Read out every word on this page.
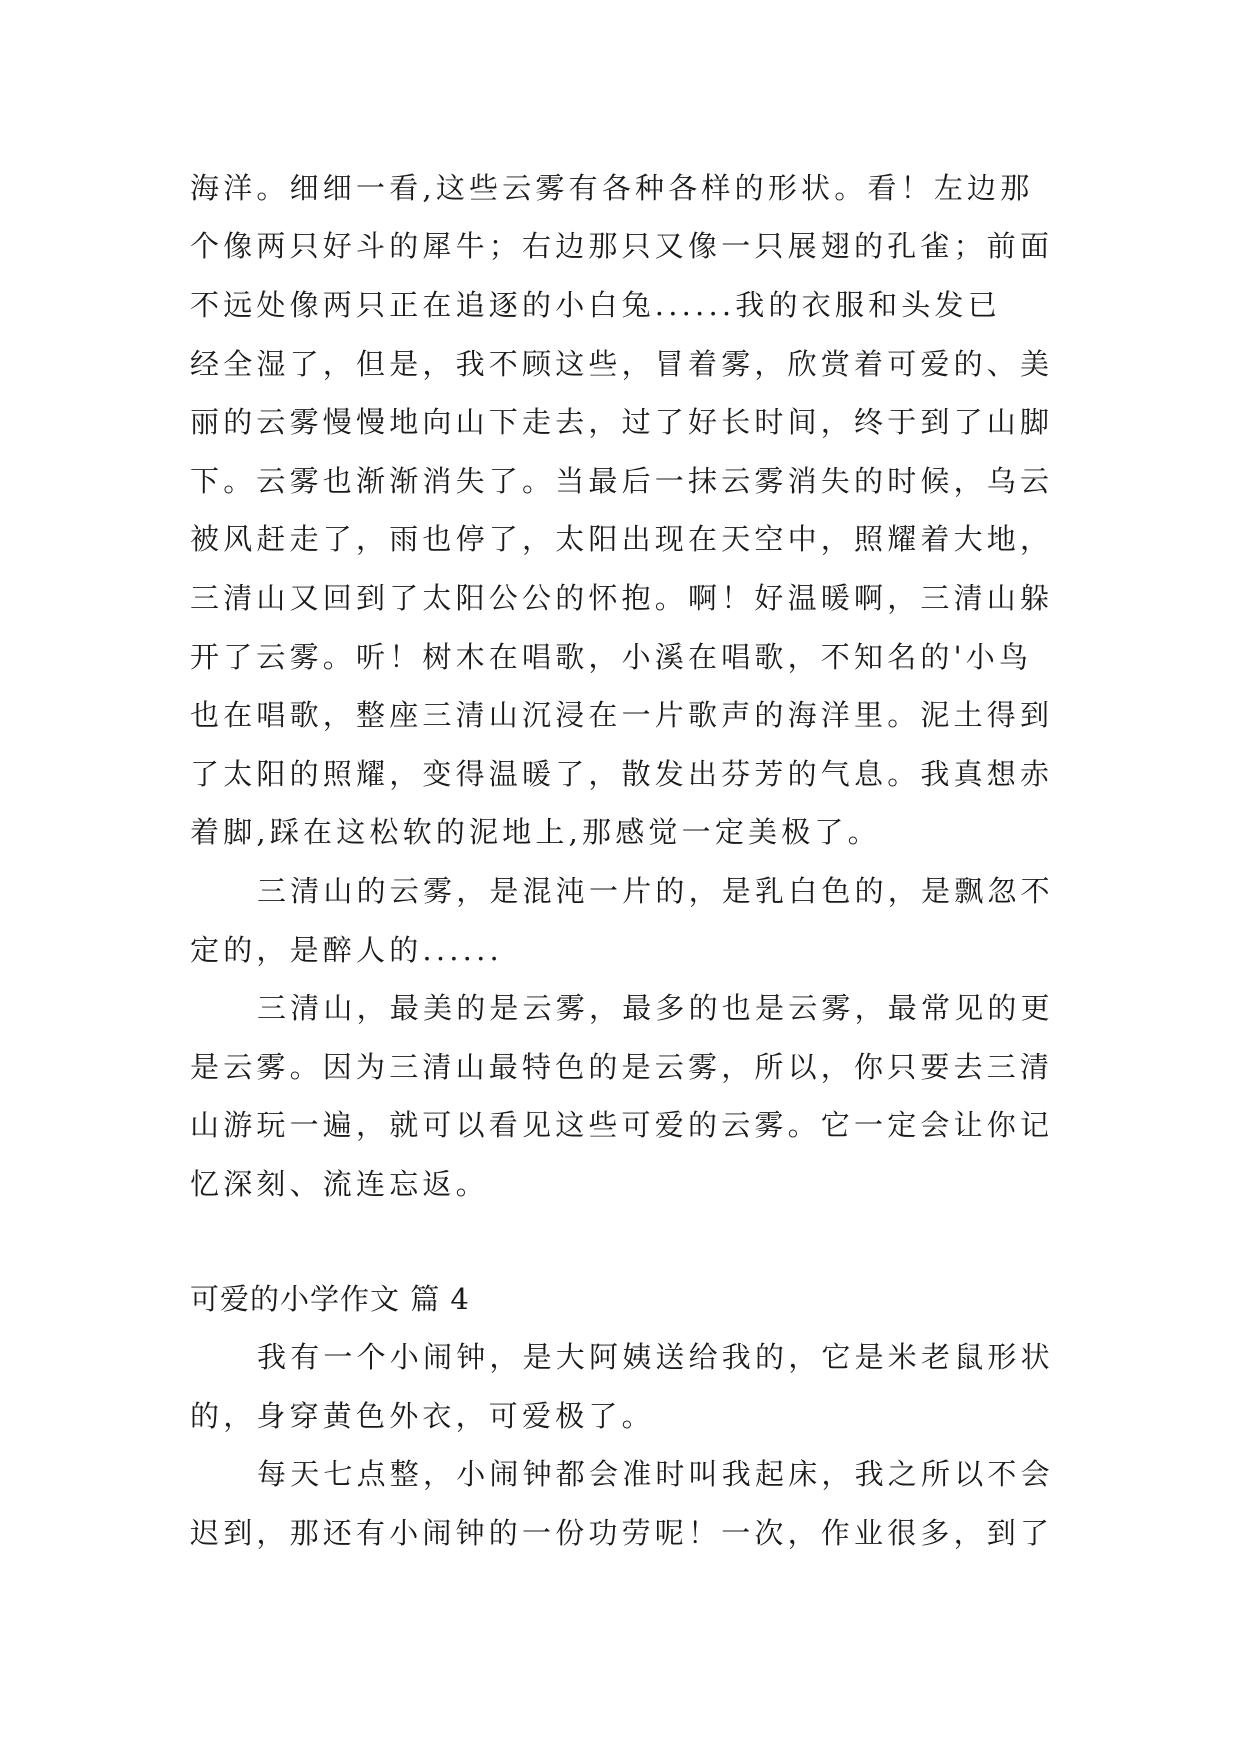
海洋。细细一看,这些云雾有各种各样的形状。看！左边那
个像两只好斗的犀牛；右边那只又像一只展翅的孔雀；前面
不远处像两只正在追逐的小白兔......我的衣服和头发已
经全湿了，但是，我不顾这些，冒着雾，欣赏着可爱的、美
丽的云雾慢慢地向山下走去，过了好长时间，终于到了山脚
下。云雾也渐渐消失了。当最后一抹云雾消失的时候，乌云
被风赶走了，雨也停了，太阳出现在天空中，照耀着大地，
三清山又回到了太阳公公的怀抱。啊！好温暖啊，三清山躲
开了云雾。听！树木在唱歌，小溪在唱歌，不知名的'小鸟
也在唱歌，整座三清山沉浸在一片歌声的海洋里。泥土得到
了太阳的照耀，变得温暖了，散发出芬芳的气息。我真想赤
着脚,踩在这松软的泥地上,那感觉一定美极了。
三清山的云雾，是混沌一片的，是乳白色的，是飘忽不
定的，是醉人的......
三清山，最美的是云雾，最多的也是云雾，最常见的更
是云雾。因为三清山最特色的是云雾，所以，你只要去三清
山游玩一遍，就可以看见这些可爱的云雾。它一定会让你记
忆深刻、流连忘返。
可爱的小学作文 篇 4
我有一个小闹钟，是大阿姨送给我的，它是米老鼠形状
的，身穿黄色外衣，可爱极了。
每天七点整，小闹钟都会准时叫我起床，我之所以不会
迟到，那还有小闹钟的一份功劳呢！一次，作业很多，到了
